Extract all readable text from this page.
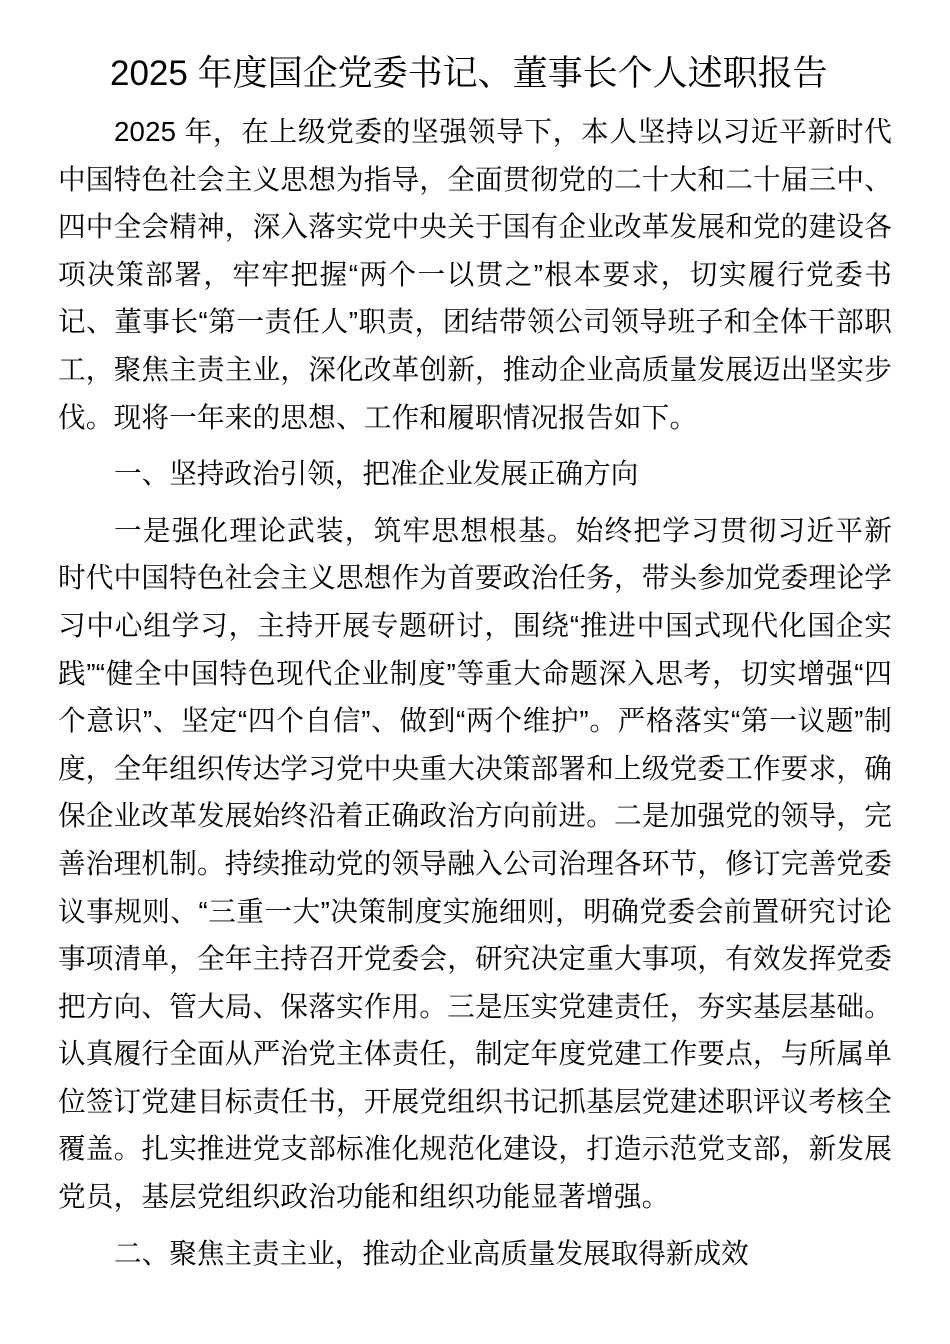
2025 年度国企党委书记、董事长个人述职报告

2025 年，在上级党委的坚强领导下，本人坚持以习近平新时代中国特色社会主义思想为指导，全面贯彻党的二十大和二十届三中、四中全会精神，深入落实党中央关于国有企业改革发展和党的建设各项决策部署，牢牢把握“两个一以贯之”根本要求，切实履行党委书记、董事长“第一责任人”职责，团结带领公司领导班子和全体干部职工，聚焦主责主业，深化改革创新，推动企业高质量发展迈出坚实步伐。现将一年来的思想、工作和履职情况报告如下。

一、坚持政治引领，把准企业发展正确方向

一是强化理论武装，筑牢思想根基。始终把学习贯彻习近平新时代中国特色社会主义思想作为首要政治任务，带头参加党委理论学习中心组学习，主持开展专题研讨，围绕“推进中国式现代化国企实践”“健全中国特色现代企业制度”等重大命题深入思考，切实增强“四个意识”、坚定“四个自信”、做到“两个维护”。严格落实“第一议题”制度，全年组织传达学习党中央重大决策部署和上级党委工作要求，确保企业改革发展始终沿着正确政治方向前进。二是加强党的领导，完善治理机制。持续推动党的领导融入公司治理各环节，修订完善党委议事规则、“三重一大”决策制度实施细则，明确党委会前置研究讨论事项清单，全年主持召开党委会，研究决定重大事项，有效发挥党委把方向、管大局、保落实作用。三是压实党建责任，夯实基层基础。认真履行全面从严治党主体责任，制定年度党建工作要点，与所属单位签订党建目标责任书，开展党组织书记抓基层党建述职评议考核全覆盖。扎实推进党支部标准化规范化建设，打造示范党支部，新发展党员，基层党组织政治功能和组织功能显著增强。

二、聚焦主责主业，推动企业高质量发展取得新成效
